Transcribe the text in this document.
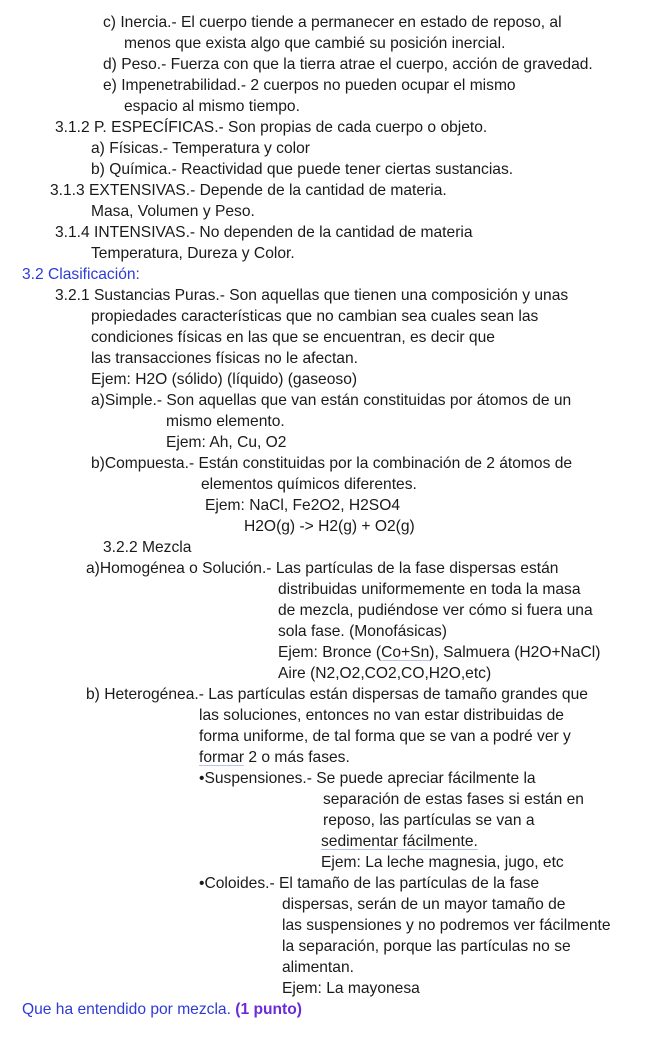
c) Inercia.- El cuerpo tiende a permanecer en estado de reposo, al
menos que exista algo que cambié su posición inercial.
d) Peso.- Fuerza con que la tierra atrae el cuerpo, acción de gravedad.
e) Impenetrabilidad.- 2 cuerpos no pueden ocupar el mismo
espacio al mismo tiempo.
3.1.2 P. ESPECÍFICAS.- Son propias de cada cuerpo o objeto.
a) Físicas.- Temperatura y color
b) Química.- Reactividad que puede tener ciertas sustancias.
3.1.3 EXTENSIVAS.- Depende de la cantidad de materia.
Masa, Volumen y Peso.
3.1.4 INTENSIVAS.- No dependen de la cantidad de materia
Temperatura, Dureza y Color.
3.2 Clasificación:
3.2.1 Sustancias Puras.- Son aquellas que tienen una composición y unas
propiedades características que no cambian sea cuales sean las
condiciones físicas en las que se encuentran, es decir que
las transacciones físicas no le afectan.
Ejem: H2O (sólido) (líquido) (gaseoso)
a)Simple.- Son aquellas que van están constituidas por átomos de un
mismo elemento.
Ejem: Ah, Cu, O2
b)Compuesta.- Están constituidas por la combinación de 2 átomos de
elementos químicos diferentes.
Ejem: NaCl, Fe2O2, H2SO4
H2O(g) -> H2(g) + O2(g)
3.2.2 Mezcla
a)Homogénea o Solución.- Las partículas de la fase dispersas están
distribuidas uniformemente en toda la masa
de mezcla, pudiéndose ver cómo si fuera una
sola fase. (Monofásicas)
Ejem: Bronce (Co+Sn), Salmuera (H2O+NaCl)
Aire (N2,O2,CO2,CO,H2O,etc)
b) Heterogénea.- Las partículas están dispersas de tamaño grandes que
las soluciones, entonces no van estar distribuidas de
forma uniforme, de tal forma que se van a podré ver y
formar 2 o más fases.
•Suspensiones.- Se puede apreciar fácilmente la
separación de estas fases si están en
reposo, las partículas se van a
sedimentar fácilmente.
Ejem: La leche magnesia, jugo, etc
•Coloides.- El tamaño de las partículas de la fase
dispersas, serán de un mayor tamaño de
las suspensiones y no podremos ver fácilmente
la separación, porque las partículas no se
alimentan.
Ejem: La mayonesa
Que ha entendido por mezcla. (1 punto)
